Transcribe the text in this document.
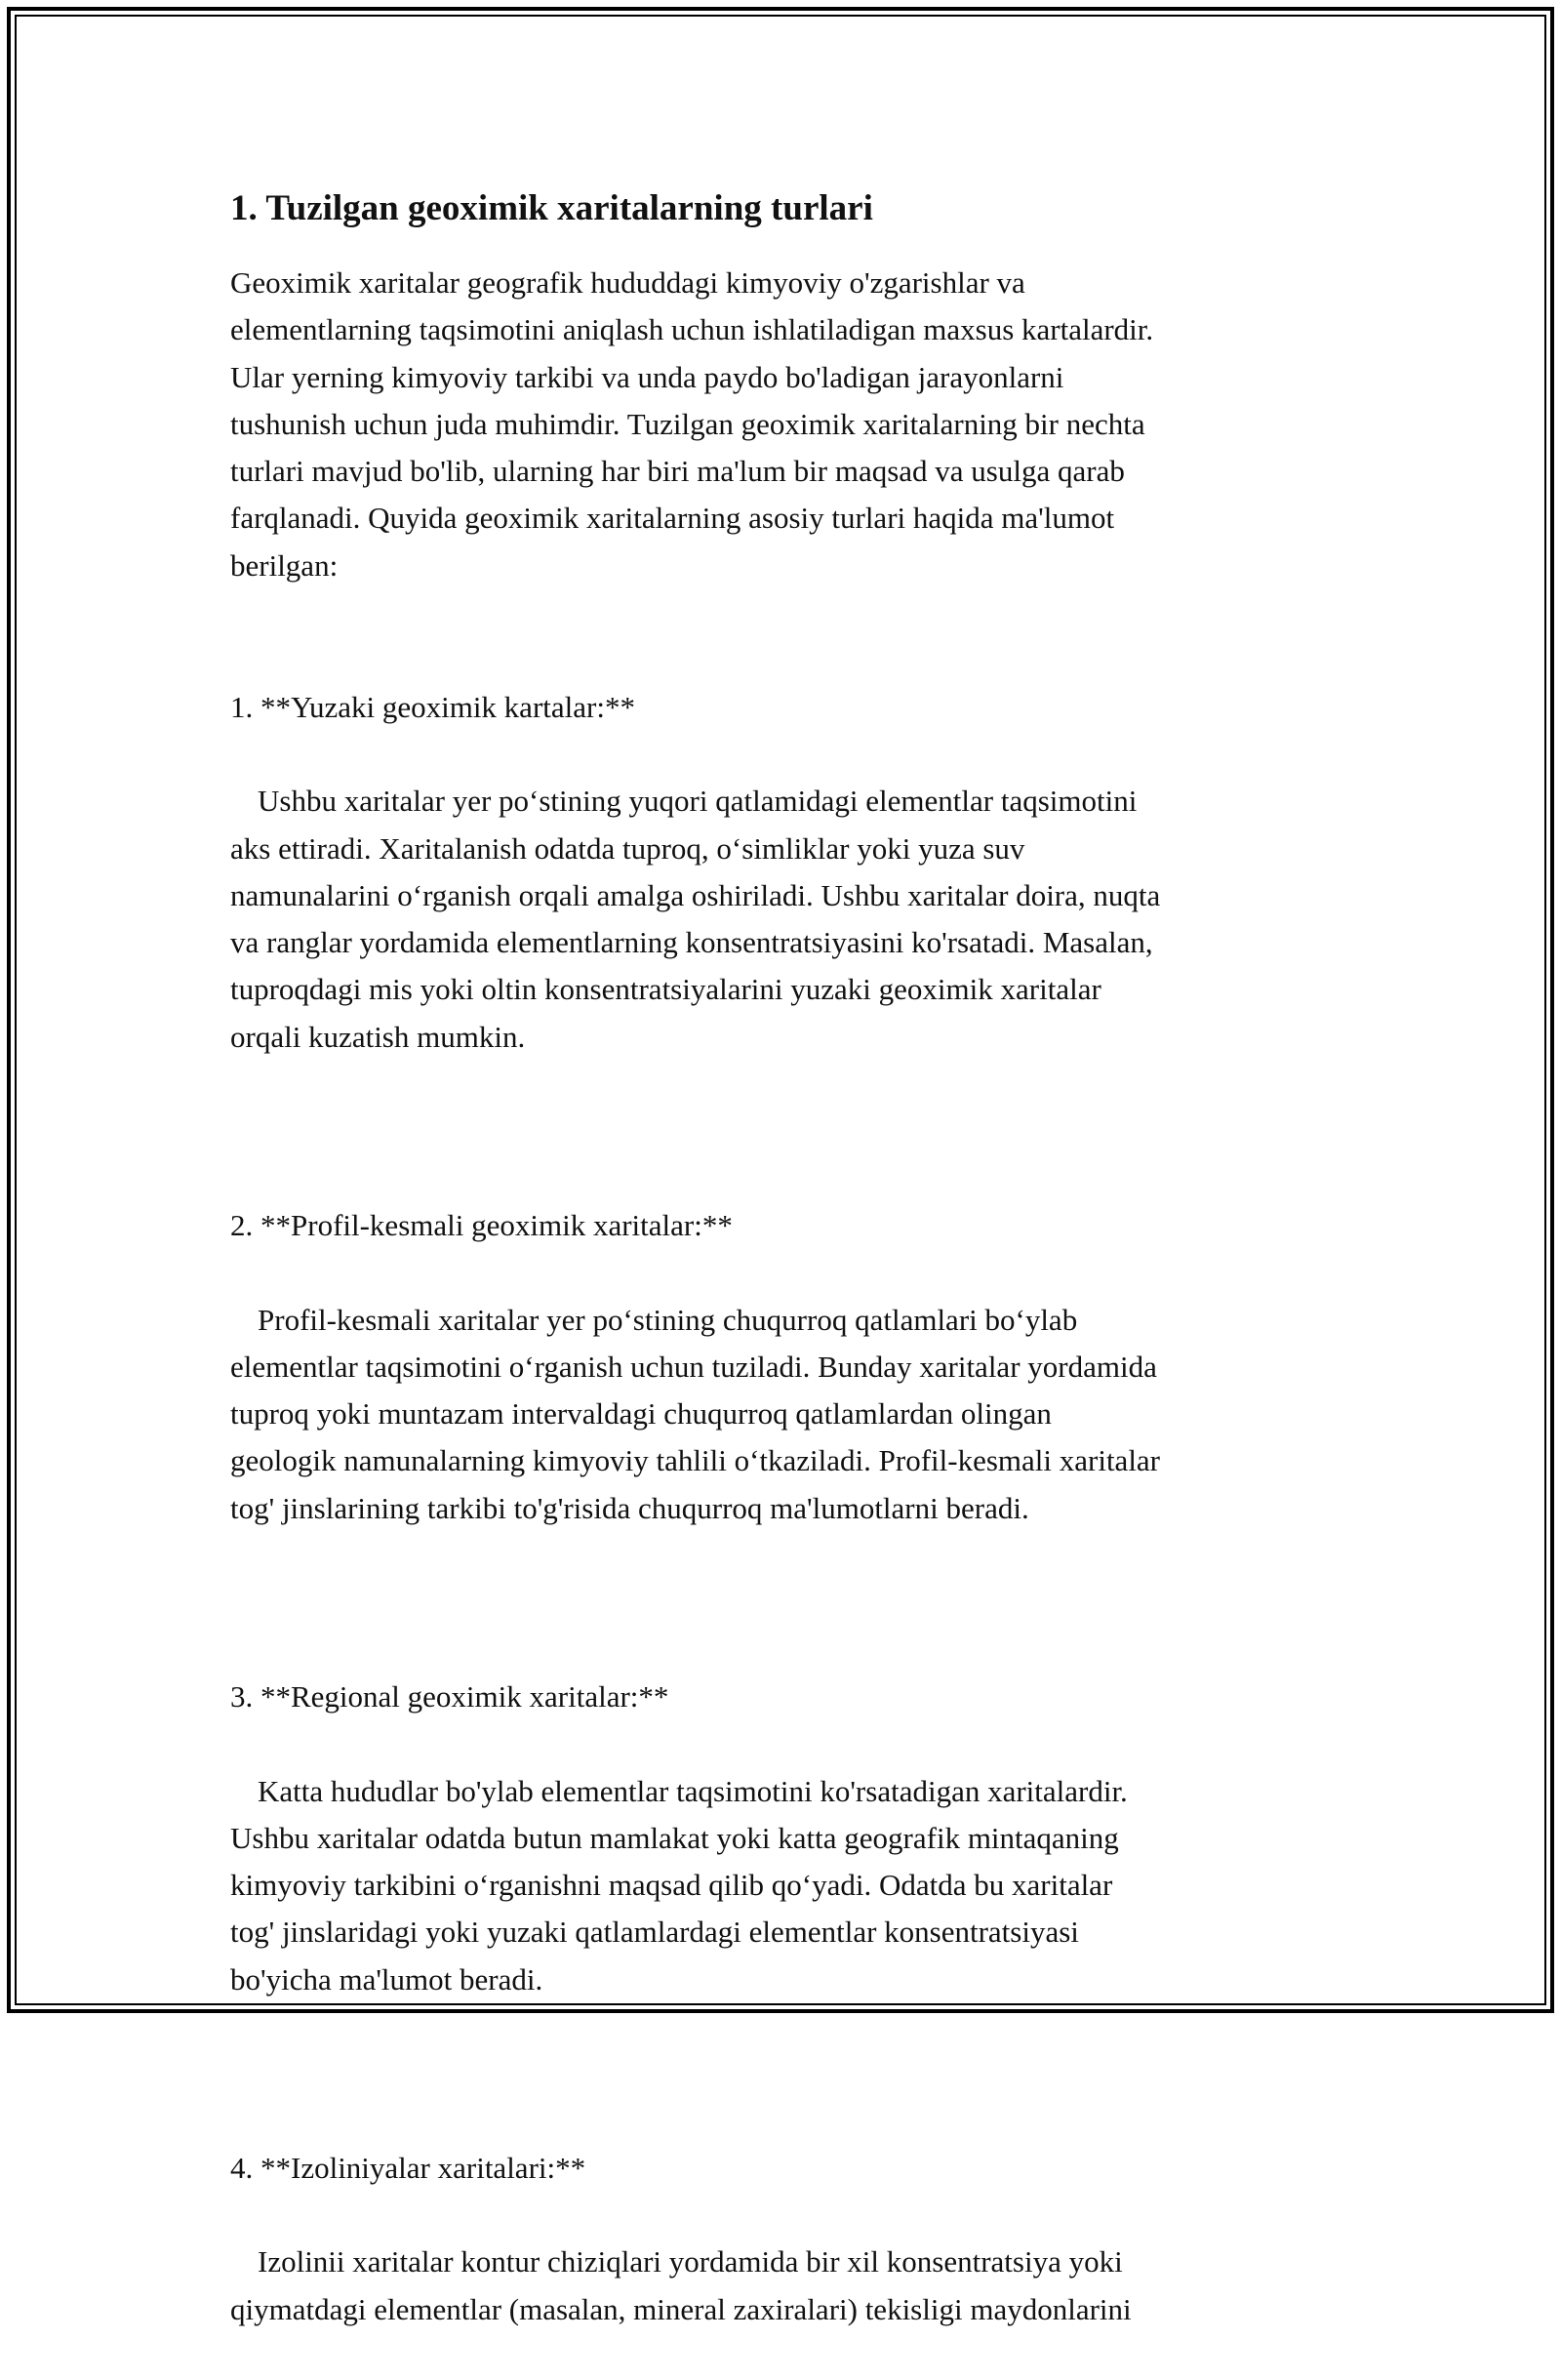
1. Tuzilgan geoximik xaritalarning turlari

Geoximik xaritalar geografik hududdagi kimyoviy o'zgarishlar va
elementlarning taqsimotini aniqlash uchun ishlatiladigan maxsus kartalardir.
Ular yerning kimyoviy tarkibi va unda paydo bo'ladigan jarayonlarni
tushunish uchun juda muhimdir. Tuzilgan geoximik xaritalarning bir nechta
turlari mavjud bo'lib, ularning har biri ma'lum bir maqsad va usulga qarab
farqlanadi. Quyida geoximik xaritalarning asosiy turlari haqida ma'lumot
berilgan:

1. **Yuzaki geoximik kartalar:**

Ushbu xaritalar yer po‘stining yuqori qatlamidagi elementlar taqsimotini
aks ettiradi. Xaritalanish odatda tuproq, o‘simliklar yoki yuza suv
namunalarini o‘rganish orqali amalga oshiriladi. Ushbu xaritalar doira, nuqta
va ranglar yordamida elementlarning konsentratsiyasini ko'rsatadi. Masalan,
tuproqdagi mis yoki oltin konsentratsiyalarini yuzaki geoximik xaritalar
orqali kuzatish mumkin.

2. **Profil-kesmali geoximik xaritalar:**

Profil-kesmali xaritalar yer po‘stining chuqurroq qatlamlari bo‘ylab
elementlar taqsimotini o‘rganish uchun tuziladi. Bunday xaritalar yordamida
tuproq yoki muntazam intervaldagi chuqurroq qatlamlardan olingan
geologik namunalarning kimyoviy tahlili o‘tkaziladi. Profil-kesmali xaritalar
tog' jinslarining tarkibi to'g'risida chuqurroq ma'lumotlarni beradi.

3. **Regional geoximik xaritalar:**

Katta hududlar bo'ylab elementlar taqsimotini ko'rsatadigan xaritalardir.
Ushbu xaritalar odatda butun mamlakat yoki katta geografik mintaqaning
kimyoviy tarkibini o‘rganishni maqsad qilib qo‘yadi. Odatda bu xaritalar
tog' jinslaridagi yoki yuzaki qatlamlardagi elementlar konsentratsiyasi
bo'yicha ma'lumot beradi.

4. **Izoliniyalar xaritalari:**

Izolinii xaritalar kontur chiziqlari yordamida bir xil konsentratsiya yoki
qiymatdagi elementlar (masalan, mineral zaxiralari) tekisligi maydonlarini
